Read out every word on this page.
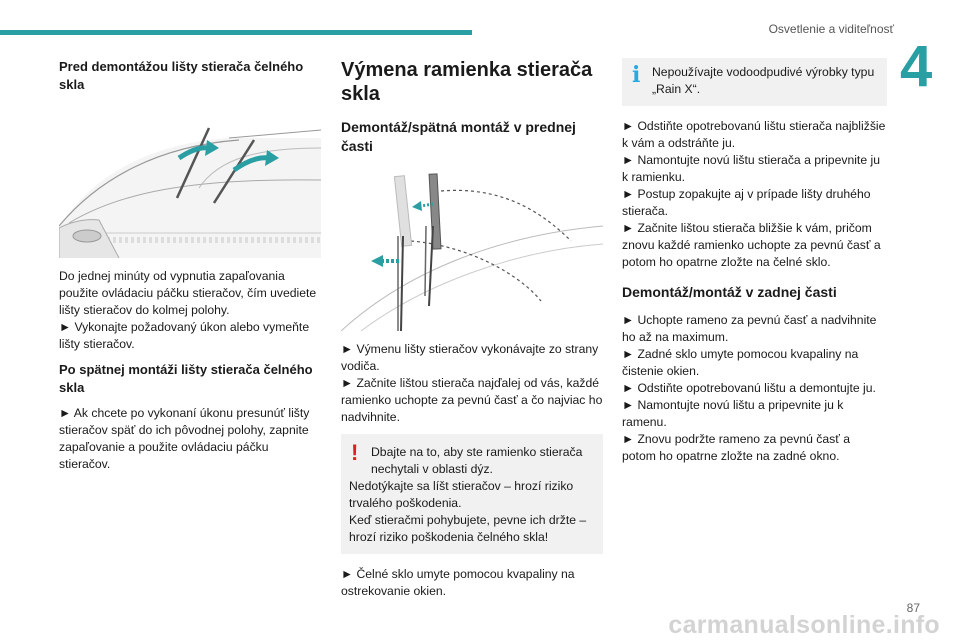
Osvetlenie a viditeľnosť
4
Pred demontážou lišty stierača čelného skla
Do jednej minúty od vypnutia zapaľovania použite ovládaciu páčku stieračov, čím uvediete lišty stieračov do kolmej polohy.
► Vykonajte požadovaný úkon alebo vymeňte lišty stieračov.
Po spätnej montáži lišty stierača čelného skla
► Ak chcete po vykonaní úkonu presunúť lišty stieračov späť do ich pôvodnej polohy, zapnite zapaľovanie a použite ovládaciu páčku stieračov.
Výmena ramienka stierača skla
Demontáž/spätná montáž v prednej časti
► Výmenu lišty stieračov vykonávajte zo strany vodiča.
► Začnite lištou stierača najďalej od vás, každé ramienko uchopte za pevnú časť a čo najviac ho nadvihnite.
!	Dbajte na to, aby ste ramienko stierača nechytali v oblasti dýz.
Nedotýkajte sa líšt stieračov – hrozí riziko trvalého poškodenia.
Keď stieračmi pohybujete, pevne ich držte – hrozí riziko poškodenia čelného skla!
► Čelné sklo umyte pomocou kvapaliny na ostrekovanie okien.
i Nepoužívajte vodoodpudivé výrobky typu „Rain X“.
► Odstiňte opotrebovanú lištu stierača najbližšie k vám a odstráňte ju.
► Namontujte novú lištu stierača a pripevnite ju k ramienku.
► Postup zopakujte aj v prípade lišty druhého stierača.
► Začnite lištou stierača bližšie k vám, pričom znovu každé ramienko uchopte za pevnú časť a potom ho opatrne zložte na čelné sklo.
Demontáž/montáž v zadnej časti
► Uchopte rameno za pevnú časť a nadvihnite ho až na maximum.
► Zadné sklo umyte pomocou kvapaliny na čistenie okien.
► Odstiňte opotrebovanú lištu a demontujte ju.
► Namontujte novú lištu a pripevnite ju k ramenu.
► Znovu podržte rameno za pevnú časť a potom ho opatrne zložte na zadné okno.
87
carmanualsonline.info
